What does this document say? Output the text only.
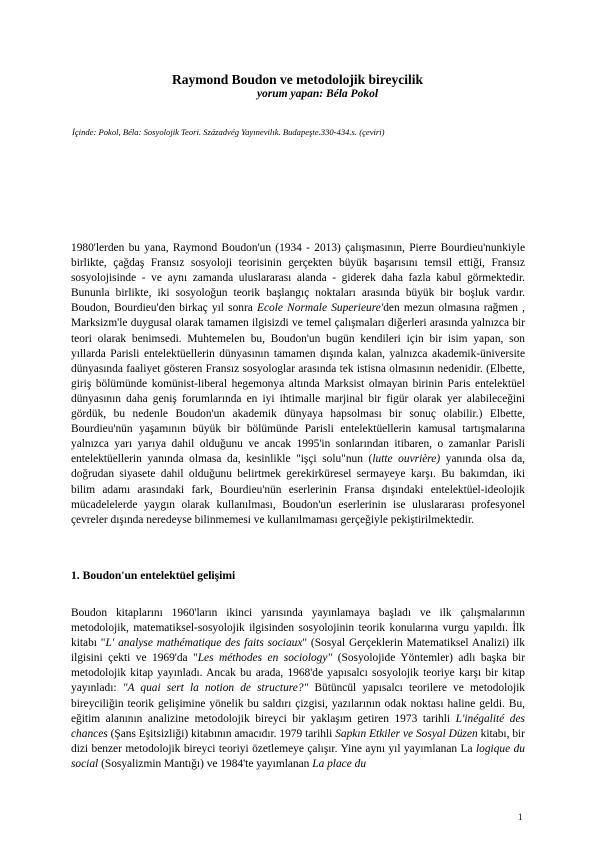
Raymond Boudon ve metodolojik bireycilik
yorum yapan: Béla Pokol
İçinde: Pokol, Béla: Sosyolojik Teori. Századvég Yayınevilık. Budapeşte.330-434.s. (çeviri)
1980'lerden bu yana, Raymond Boudon'un (1934 - 2013) çalışmasının, Pierre Bourdieu'nunkiyle birlikte, çağdaş Fransız sosyoloji teorisinin gerçekten büyük başarısını temsil ettiği, Fransız sosyolojisinde - ve aynı zamanda uluslararası alanda - giderek daha fazla kabul görmektedir. Bununla birlikte, iki sosyoloğun teorik başlangıç noktaları arasında büyük bir boşluk vardır. Boudon, Bourdieu'den birkaç yıl sonra Ecole Normale Superieure'den mezun olmasına rağmen , Marksizm'le duygusal olarak tamamen ilgisizdi ve temel çalışmaları diğerleri arasında yalnızca bir teori olarak benimsedi. Muhtemelen bu, Boudon'un bugün kendileri için bir isim yapan, son yıllarda Parisli entelektüellerin dünyasının tamamen dışında kalan, yalnızca akademik-üniversite dünyasında faaliyet gösteren Fransız sosyologlar arasında tek istisna olmasının nedenidir. (Elbette, giriş bölümünde komünist-liberal hegemonya altında Marksist olmayan birinin Paris entelektüel dünyasının daha geniş forumlarında en iyi ihtimalle marjinal bir figür olarak yer alabileceğini gördük, bu nedenle Boudon'un akademik dünyaya hapsolması bir sonuç olabilir.) Elbette, Bourdieu'nün yaşamının büyük bir bölümünde Parisli entelektüellerin kamusal tartışmalarına yalnızca yarı yarıya dahil olduğunu ve ancak 1995'in sonlarından itibaren, o zamanlar Parisli entelektüellerin yanında olmasa da, kesinlikle "işçi solu"nun (lutte ouvrière) yanında olsa da, doğrudan siyasete dahil olduğunu belirtmek gerekirküresel sermayeye karşı. Bu bakımdan, iki bilim adamı arasındaki fark, Bourdieu'nün eserlerinin Fransa dışındaki entelektüel-ideolojik mücadelelerde yaygın olarak kullanılması, Boudon'un eserlerinin ise uluslararası profesyonel çevreler dışında neredeyse bilinmemesi ve kullanılmaması gerçeğiyle pekiştirilmektedir.
1. Boudon'un entelektüel gelişimi
Boudon kitaplarını 1960'ların ikinci yarısında yayınlamaya başladı ve ilk çalışmalarının metodolojik, matematiksel-sosyolojik ilgisinden sosyolojinin teorik konularına vurgu yapıldı. İlk kitabı "L' analyse mathématique des faits sociaux" (Sosyal Gerçeklerin Matematiksel Analizi) ilk ilgisini çekti ve 1969'da "Les méthodes en sociology" (Sosyolojide Yöntemler) adlı başka bir metodolojik kitap yayınladı. Ancak bu arada, 1968'de yapısalcı sosyolojik teoriye karşı bir kitap yayınladı: "A quai sert la notion de structure?" Bütüncül yapısalcı teorilere ve metodolojik bireyciliğin teorik gelişimine yönelik bu saldırı çizgisi, yazılarının odak noktası haline geldi. Bu, eğitim alanının analizine metodolojik bireyci bir yaklaşım getiren 1973 tarihli L'inégalité des chances (Şans Eşitsizliği) kitabının amacıdır. 1979 tarihli Sapkın Etkiler ve Sosyal Düzen kitabı, bir dizi benzer metodolojik bireyci teoriyi özetlemeye çalışır. Yine aynı yıl yayımlanan La logique du social (Sosyalizmin Mantığı) ve 1984'te yayımlanan La place du
1
